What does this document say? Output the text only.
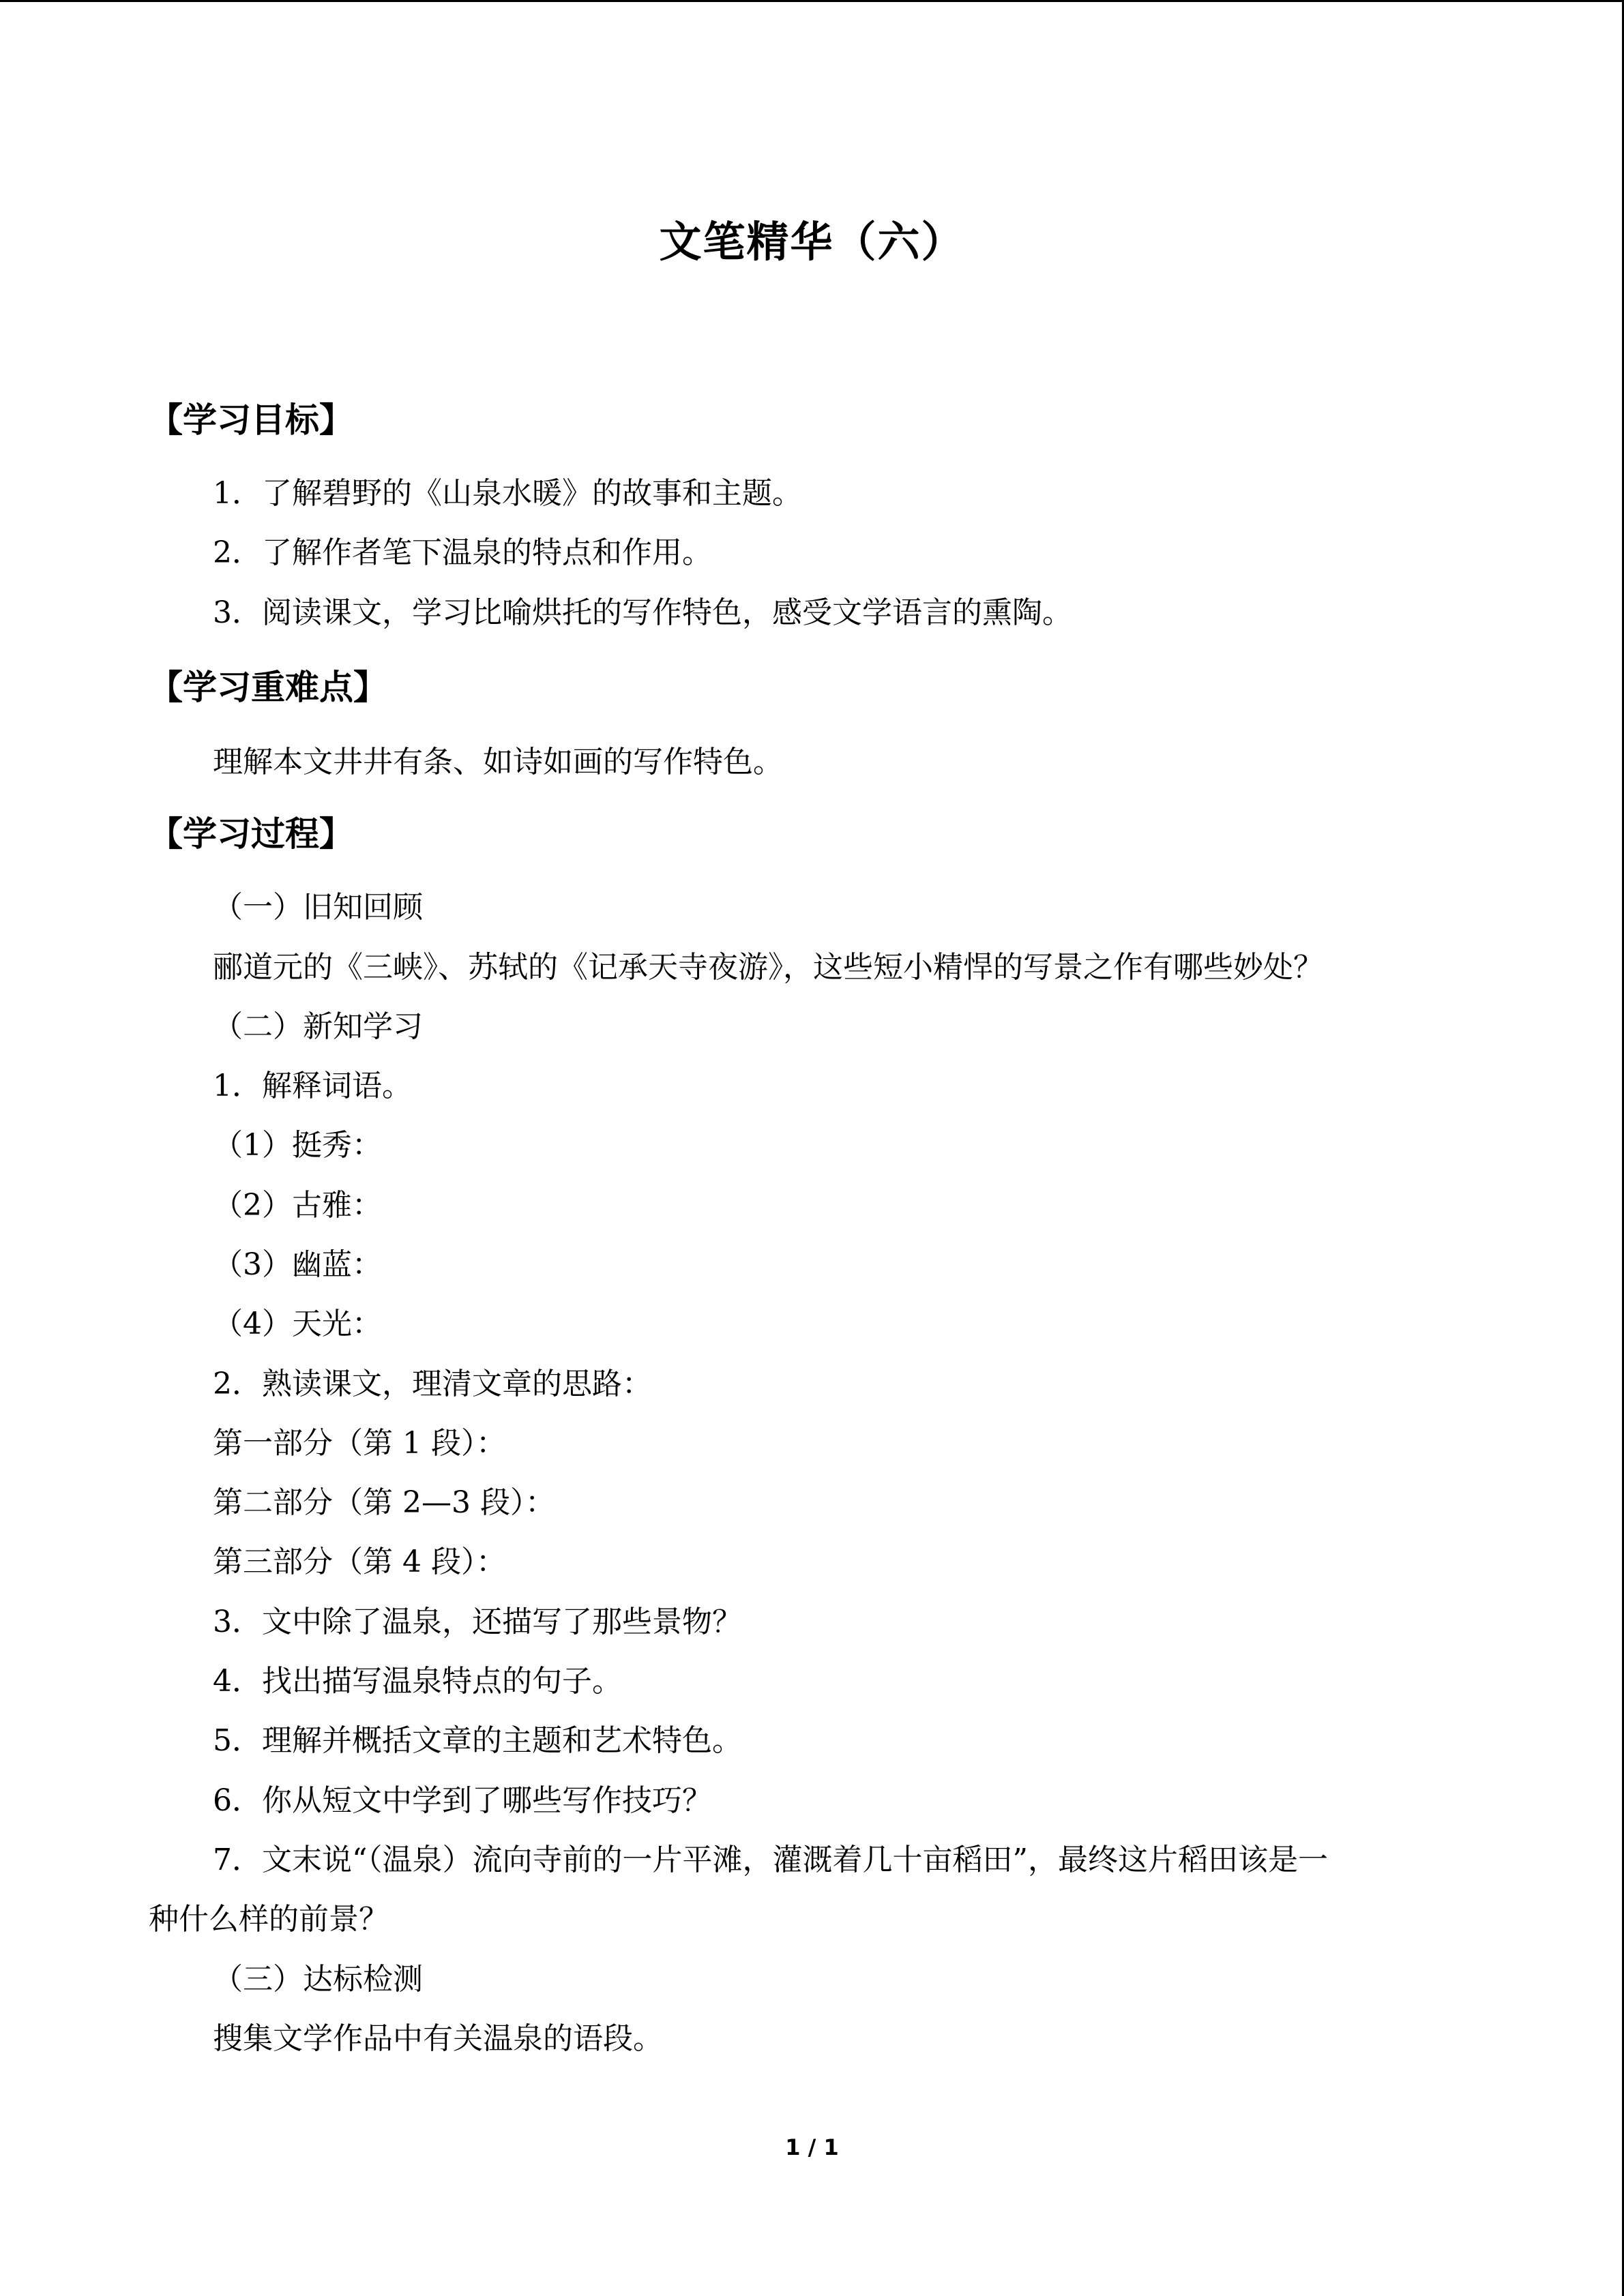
文笔精华（六）
【学习目标】
1．了解碧野的《山泉水暖》的故事和主题。
2．了解作者笔下温泉的特点和作用。
3．阅读课文，学习比喻烘托的写作特色，感受文学语言的熏陶。
【学习重难点】
理解本文井井有条、如诗如画的写作特色。
【学习过程】
（一）旧知回顾
郦道元的《三峡》、苏轼的《记承天寺夜游》，这些短小精悍的写景之作有哪些妙处？
（二）新知学习
1．解释词语。
（1）挺秀：
（2）古雅：
（3）幽蓝：
（4）天光：
2．熟读课文，理清文章的思路：
第一部分（第 1 段）：
第二部分（第 2—3 段）：
第三部分（第 4 段）：
3．文中除了温泉，还描写了那些景物？
4．找出描写温泉特点的句子。
5．理解并概括文章的主题和艺术特色。
6．你从短文中学到了哪些写作技巧？
7．文末说“（温泉）流向寺前的一片平滩，灌溉着几十亩稻田”，最终这片稻田该是一
种什么样的前景？
（三）达标检测
搜集文学作品中有关温泉的语段。
1 / 1
